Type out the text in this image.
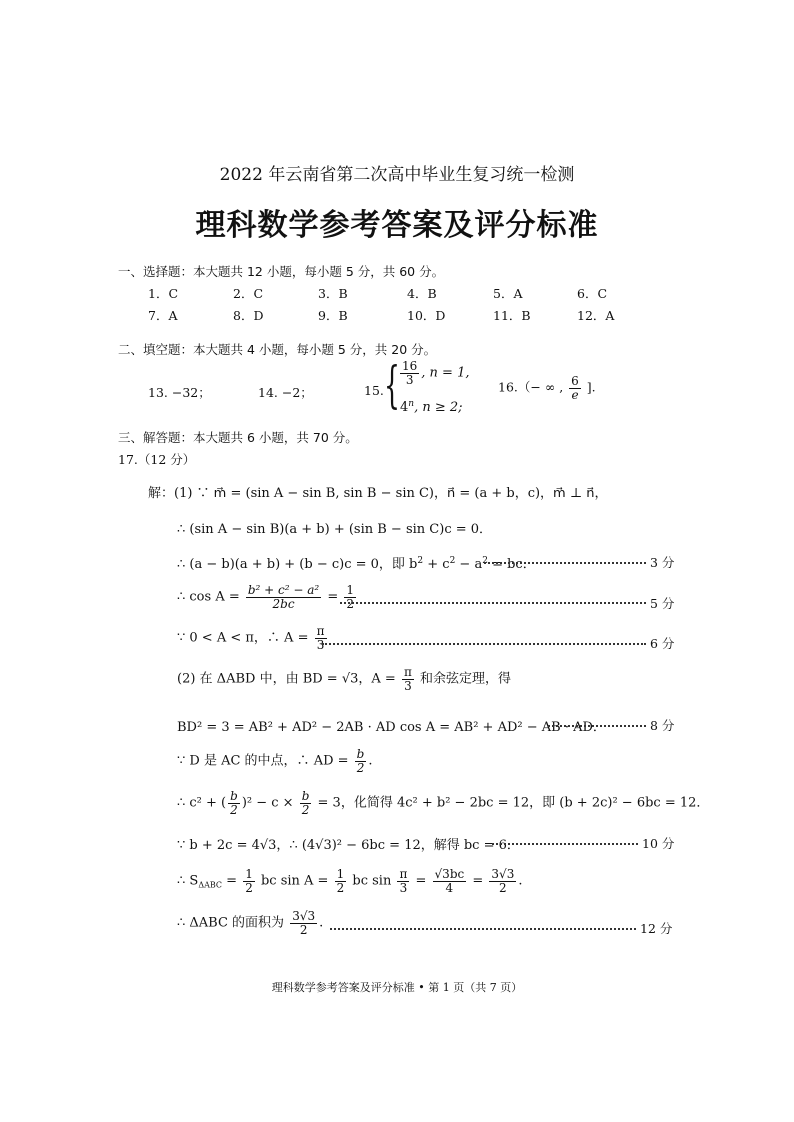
2022 年云南省第二次高中毕业生复习统一检测
理科数学参考答案及评分标准
一、选择题：本大题共 12 小题，每小题 5 分，共 60 分。
1．C	2．C	3．B	4．B	5．A	6．C
7．A	8．D	9．B	10．D	11．B	12．A
二、填空题：本大题共 4 小题，每小题 5 分，共 20 分。
13. −32；	14. −2；	15. { $\frac{16}{3}$ , n = 1,
4$^n$, n ≥ 2;
16.（− ∞ , $\frac{6}{e}$ ].
三、解答题：本大题共 6 小题，共 70 分。
17.（12 分）
解：(1) ∵ m⃗ = (sin A − sin B, sin B − sin C)，n⃗ = (a + b，c)，m⃗ ⊥ n⃗，
∴ (sin A − sin B)(a + b) + (sin B − sin C)c = 0．
∴ (a − b)(a + b) + (b − c)c = 0，即 $b^2 + c^2 - a^2$ = bc．	3 分
∴ $\cos A = \frac{\text{b² + c² − a²}}{2bc} = \frac{1}{2}$	5 分
∵ 0 < A < π，∴ $A = \frac{\pi}{3}$	6 分
(2) 在 ΔABD 中，由 BD = √3，$A = \frac{\pi}{3}$ 和余弦定理，得
BD² = 3 = AB² + AD² − 2AB · AD cos A = AB² + AD² − AB · AD．	8 分
∵ D 是 AC 的中点，∴ AD = $\frac{b}{2}$ .
∴ c² + ( $\frac{b}{2} )^2 - c \times \frac{b}{2} = 3$，化简得 4c² + b² − 2bc = 12，即 (b + 2c)² − 6bc = 12．
∵ b + 2c = 4√3，∴ (4√3)² − 6bc = 12，解得 bc = 6．	10 分
∴ $S_{\Delta ABC} = \frac{1}{2}$ bc $\sin A = \frac{1}{2}$ bc $\sin \frac{\pi}{3} = \frac{√3bc}{4} = \frac{3√3}{2}$ .
∴ ΔABC 的面积为 $\frac{3√3}{2}$ .	12 分
理科数学参考答案及评分标准 • 第 1 页（共 7 页）
